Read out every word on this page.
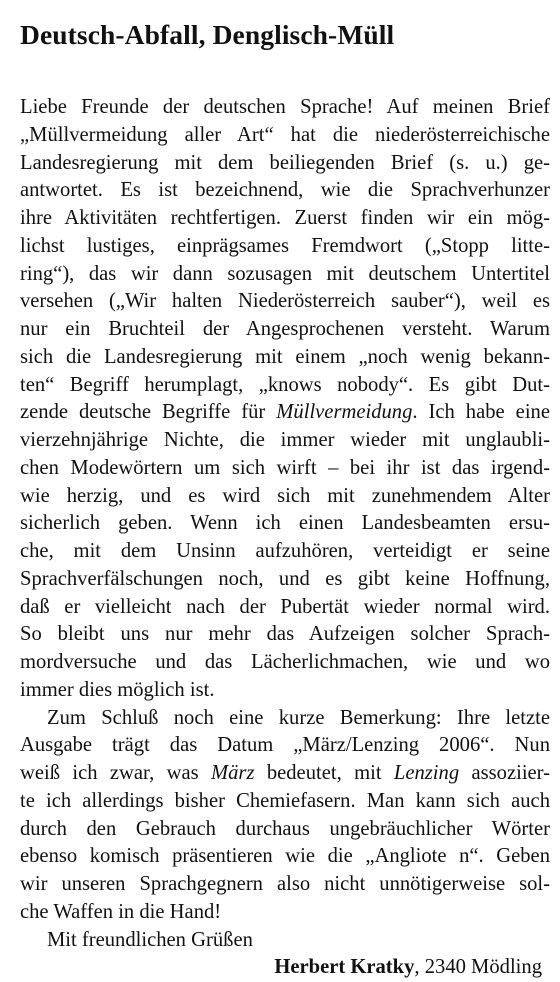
Deutsch-Abfall, Denglisch-Müll
Liebe Freunde der deutschen Sprache! Auf meinen Brief
„Müllvermeidung aller Art“ hat die niederösterreichische
Landesregierung mit dem beiliegenden Brief (s. u.) ge-
antwortet. Es ist bezeichnend, wie die Sprachverhunzer
ihre Aktivitäten rechtfertigen. Zuerst finden wir ein mög-
lichst lustiges, einprägsames Fremdwort („Stopp litte-
ring“), das wir dann sozusagen mit deutschem Untertitel
versehen („Wir halten Niederösterreich sauber“), weil es
nur ein Bruchteil der Angesprochenen versteht. Warum
sich die Landesregierung mit einem „noch wenig bekann-
ten“ Begriff herumplagt, „knows nobody“. Es gibt Dut-
zende deutsche Begriffe für Müllvermeidung. Ich habe eine
vierzehnjährige Nichte, die immer wieder mit unglaubli-
chen Modewörtern um sich wirft – bei ihr ist das irgend-
wie herzig, und es wird sich mit zunehmendem Alter
sicherlich geben. Wenn ich einen Landesbeamten ersu-
che, mit dem Unsinn aufzuhören, verteidigt er seine
Sprachverfälschungen noch, und es gibt keine Hoffnung,
daß er vielleicht nach der Pubertät wieder normal wird.
So bleibt uns nur mehr das Aufzeigen solcher Sprach-
mordversuche und das Lächerlichmachen, wie und wo
immer dies möglich ist.
Zum Schluß noch eine kurze Bemerkung: Ihre letzte
Ausgabe trägt das Datum „März/Lenzing 2006“. Nun
weiß ich zwar, was März bedeutet, mit Lenzing assoziier-
te ich allerdings bisher Chemiefasern. Man kann sich auch
durch den Gebrauch durchaus ungebräuchlicher Wörter
ebenso komisch präsentieren wie die „Angliote n“. Geben
wir unseren Sprachgegnern also nicht unnötigerweise sol-
che Waffen in die Hand!
Mit freundlichen Grüßen
Herbert Kratky, 2340 Mödling
